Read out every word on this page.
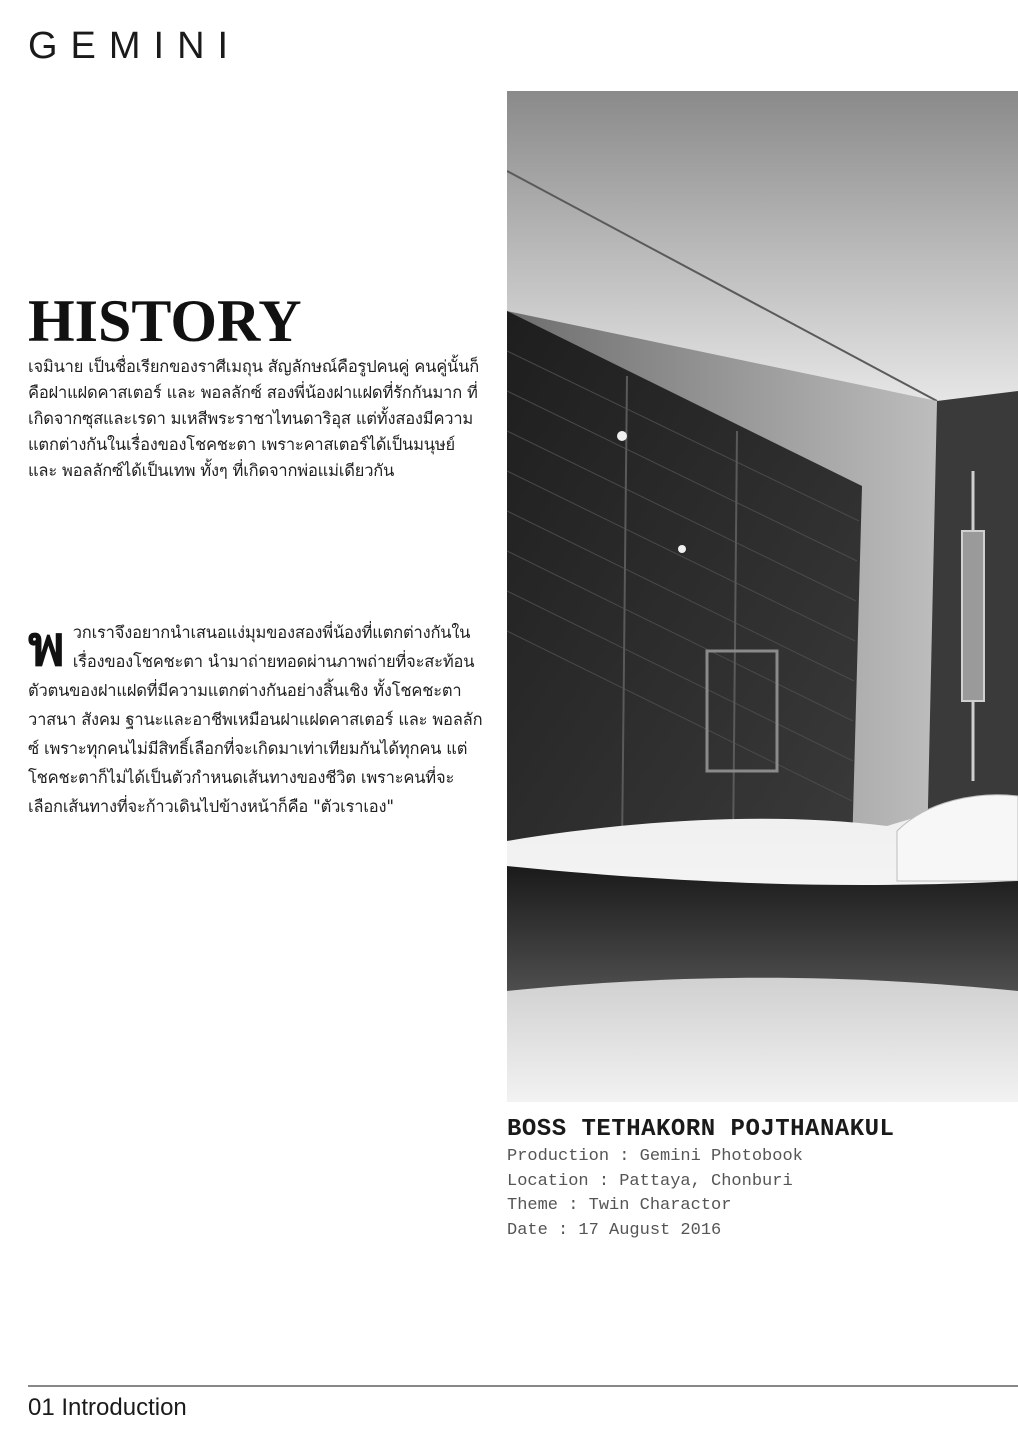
GEMINI
HISTORY

เจมินาย เป็นชื่อเรียกของราศีเมถุน สัญลักษณ์คือรูปคนคู่ คนคู่นั้นก็คือฝาแฝดคาสเตอร์ และ พอลลักซ์ สองพี่น้องฝาแฝดที่รักกันมาก ที่เกิดจากซุสและเรดา มเหสีพระราชาไทนดาริอุส แต่ทั้งสองมีความแตกต่างกันในเรื่องของโชคชะตา เพราะคาสเตอร์ได้เป็นมนุษย์ และ พอลลักซ์ได้เป็นเทพ ทั้งๆ ที่เกิดจากพ่อแม่เดียวกัน

พ วกเราจึงอยากนำเสนอแง่มุมของสองพี่น้องที่แตกต่างกันในเรื่องของโชคชะตา นำมาถ่ายทอดผ่านภาพถ่ายที่จะสะท้อนตัวตนของฝาแฝดที่มีความแตกต่างกันอย่างสิ้นเชิง ทั้งโชคชะตา วาสนา สังคม ฐานะและอาชีพเหมือนฝาแฝดคาสเตอร์ และ พอลลักซ์ เพราะทุกคนไม่มีสิทธิ์เลือกที่จะเกิดมาเท่าเทียมกันได้ทุกคน แต่โชคชะตาก็ไม่ได้เป็นตัวกำหนดเส้นทางของชีวิต เพราะคนที่จะเลือกเส้นทางที่จะก้าวเดินไปข้างหน้าก็คือ "ตัวเราเอง"

BOSS TETHAKORN POJTHANAKUL
Production : Gemini Photobook
Location : Pattaya, Chonburi
Theme : Twin Charactor
Date : 17 August 2016
01 Introduction
